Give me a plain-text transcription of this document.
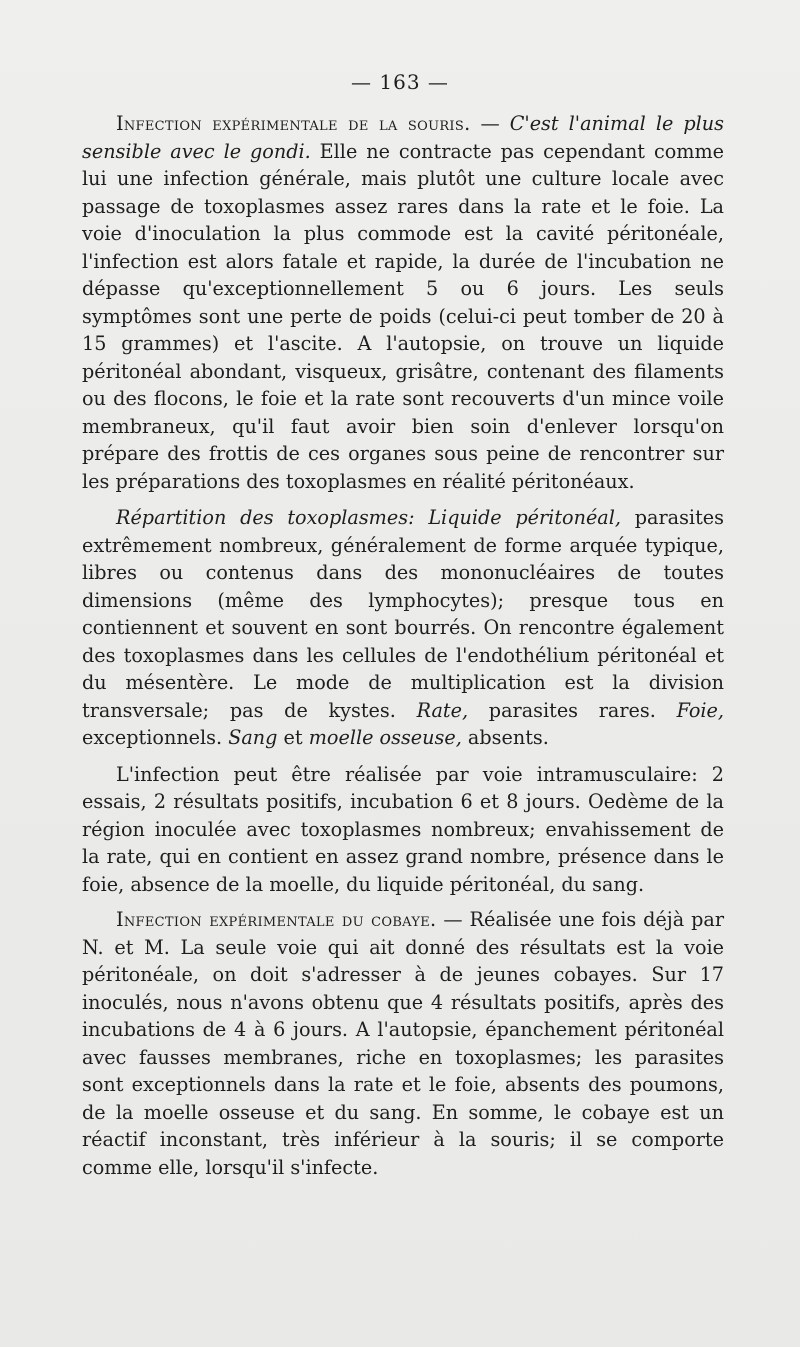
— 163 —

Infection expérimentale de la souris. — C'est l'animal le plus sensible avec le gondi. Elle ne contracte pas cependant comme lui une infection générale, mais plutôt une culture locale avec passage de toxoplasmes assez rares dans la rate et le foie. La voie d'inoculation la plus commode est la cavité péritonéale, l'infection est alors fatale et rapide, la durée de l'incubation ne dépasse qu'exceptionnellement 5 ou 6 jours. Les seuls symptômes sont une perte de poids (celui-ci peut tomber de 20 à 15 grammes) et l'ascite. A l'autopsie, on trouve un liquide péritonéal abondant, visqueux, grisâtre, contenant des filaments ou des flocons, le foie et la rate sont recouverts d'un mince voile membraneux, qu'il faut avoir bien soin d'enlever lorsqu'on prépare des frottis de ces organes sous peine de rencontrer sur les préparations des toxoplasmes en réalité péritonéaux.

Répartition des toxoplasmes: Liquide péritonéal, parasites extrêmement nombreux, généralement de forme arquée typique, libres ou contenus dans des mononucléaires de toutes dimensions (même des lymphocytes); presque tous en contiennent et souvent en sont bourrés. On rencontre également des toxoplasmes dans les cellules de l'endothélium péritonéal et du mésentère. Le mode de multiplication est la division transversale; pas de kystes. Rate, parasites rares. Foie, exceptionnels. Sang et moelle osseuse, absents.

L'infection peut être réalisée par voie intramusculaire: 2 essais, 2 résultats positifs, incubation 6 et 8 jours. Oedème de la région inoculée avec toxoplasmes nombreux; envahissement de la rate, qui en contient en assez grand nombre, présence dans le foie, absence de la moelle, du liquide péritonéal, du sang.

Infection expérimentale du cobaye. — Réalisée une fois déjà par N. et M. La seule voie qui ait donné des résultats est la voie péritonéale, on doit s'adresser à de jeunes cobayes. Sur 17 inoculés, nous n'avons obtenu que 4 résultats positifs, après des incubations de 4 à 6 jours. A l'autopsie, épanchement péritonéal avec fausses membranes, riche en toxoplasmes; les parasites sont exceptionnels dans la rate et le foie, absents des poumons, de la moelle osseuse et du sang. En somme, le cobaye est un réactif inconstant, très inférieur à la souris; il se comporte comme elle, lorsqu'il s'infecte.
